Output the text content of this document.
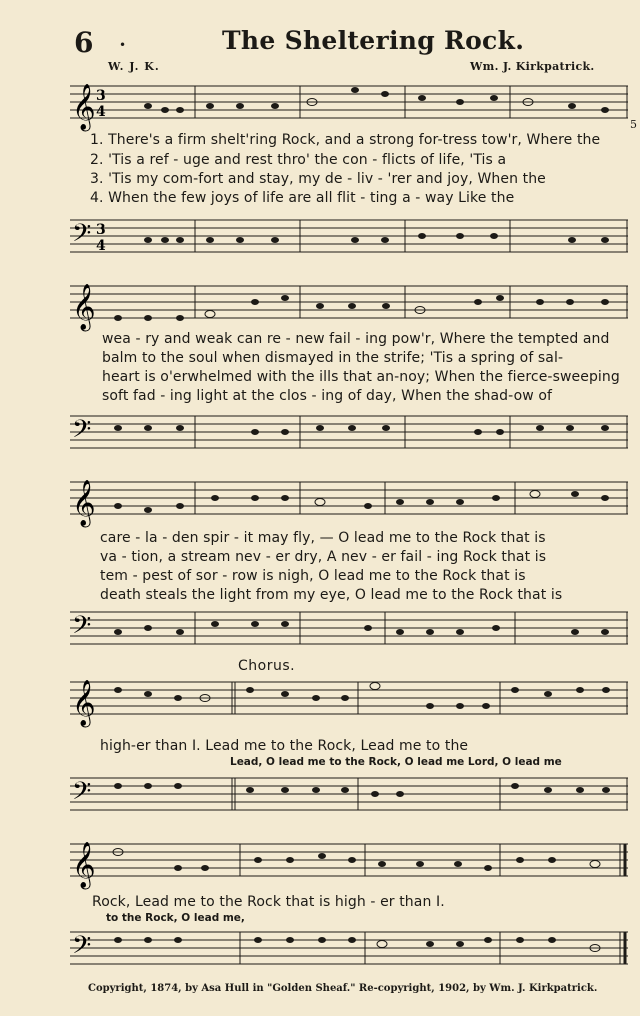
6 •	The Sheltering Rock.
W. J. K.	Wm. J. Kirkpatrick.
5
𝄞 3
4
1. There's a firm shelt'ring Rock, and a strong for-tress tow'r, Where the
2. 'Tis a ref - uge and rest thro' the con - flicts of life, 'Tis a
3. 'Tis my com-fort and stay, my de - liv - 'rer and joy, When the
4. When the few joys of life are all flit - ting a - way Like the
𝄢 3
4
𝄞
wea - ry and weak can re - new fail - ing pow'r, Where the tempted and
balm to the soul when dismayed in the strife; 'Tis a spring of sal-
heart is o'erwhelmed with the ills that an-noy; When the fierce-sweeping
soft fad - ing light at the clos - ing of day, When the shad-ow of
𝄢
𝄞
care - la - den spir - it may fly, — O lead me to the Rock that is
va - tion, a stream nev - er dry, A nev - er fail - ing Rock that is
tem - pest of sor - row is nigh, O lead me to the Rock that is
death steals the light from my eye, O lead me to the Rock that is
𝄢
Chorus.
𝄞
high-er than I. Lead me to the Rock, Lead me to the
Lead, O lead me to the Rock, O lead me Lord, O lead me
𝄢
𝄞
Rock, Lead me to the Rock that is high - er than I.
to the Rock, O lead me,
𝄢
Copyright, 1874, by Asa Hull in "Golden Sheaf." Re-copyright, 1902, by Wm. J. Kirkpatrick.
